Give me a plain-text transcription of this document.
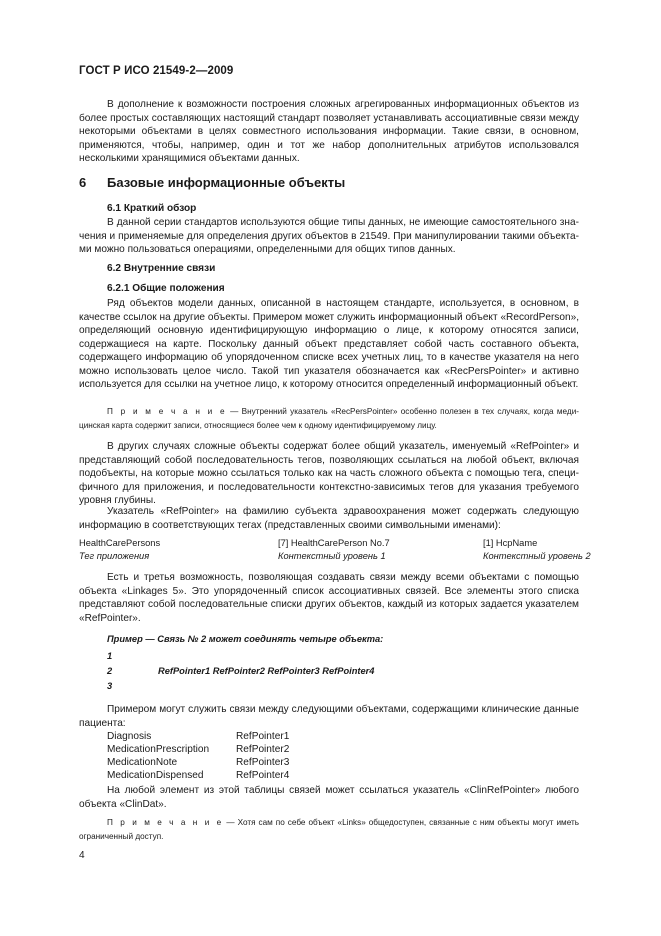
ГОСТ Р ИСО 21549-2—2009

В дополнение к возможности построения сложных агрегированных информационных объектов из более простых составляющих настоящий стандарт позволяет устанавливать ассоциативные связи между некоторыми объектами в целях совместного использования информации. Такие связи, в основном, применяются, чтобы, например, один и тот же набор дополнительных атрибутов использовался несколькими хранящимися объектами данных.

6 Базовые информационные объекты
6.1 Краткий обзор

В данной серии стандартов используются общие типы данных, не имеющие самостоятельного значения и применяемые для определения других объектов в 21549. При манипулировании такими объектами можно пользоваться операциями, определенными для общих типов данных.

6.2 Внутренние связи
6.2.1 Общие положения

Ряд объектов модели данных, описанной в настоящем стандарте, используется, в основном, в качестве ссылок на другие объекты. Примером может служить информационный объект «RecordPerson», определяющий основную идентифицирующую информацию о лице, к которому относятся записи, содержащиеся на карте. Поскольку данный объект представляет собой часть составного объекта, содержащего информацию об упорядоченном списке всех учетных лиц, то в качестве указателя на него можно использовать целое число. Такой тип указателя обозначается как «RecPersPointer» и активно используется для ссылки на учетное лицо, к которому относится определенный информационный объект.

П р и м е ч а н и е — Внутренний указатель «RecPersPointer» особенно полезен в тех случаях, когда медицинская карта содержит записи, относящиеся более чем к одному идентифицируемому лицу.

В других случаях сложные объекты содержат более общий указатель, именуемый «RefPointer» и представляющий собой последовательность тегов, позволяющих ссылаться на любой объект, включая подобъекты, на которые можно ссылаться только как на часть сложного объекта с помощью тега, специфичного для приложения, и последовательности контекстно-зависимых тегов для указания требуемого уровня глубины.

Указатель «RefPointer» на фамилию субъекта здравоохранения может содержать следующую информацию в соответствующих тегах (представленных своими символьными именами):

HealthCarePersons	[7] HealthCarePerson No.7	[1] HcpName
Тег приложения	Контекстный уровень 1	Контекстный уровень 2

Есть и третья возможность, позволяющая создавать связи между всеми объектами с помощью объекта «Linkages 5». Это упорядоченный список ассоциативных связей. Все элементы этого списка представляют собой последовательные списки других объектов, каждый из которых задается указателем «RefPointer».

Пример — Связь № 2 может соединять четыре объекта:
1
2	RefPointer1 RefPointer2 RefPointer3 RefPointer4
3

Примером могут служить связи между следующими объектами, содержащими клинические данные пациента:

Diagnosis	RefPointer1
MedicationPrescription	RefPointer2
MedicationNote	RefPointer3
MedicationDispensed	RefPointer4

На любой элемент из этой таблицы связей может ссылаться указатель «ClinRefPointer» любого объекта «ClinDat».

П р и м е ч а н и е — Хотя сам по себе объект «Links» общедоступен, связанные с ним объекты могут иметь ограниченный доступ.

4
